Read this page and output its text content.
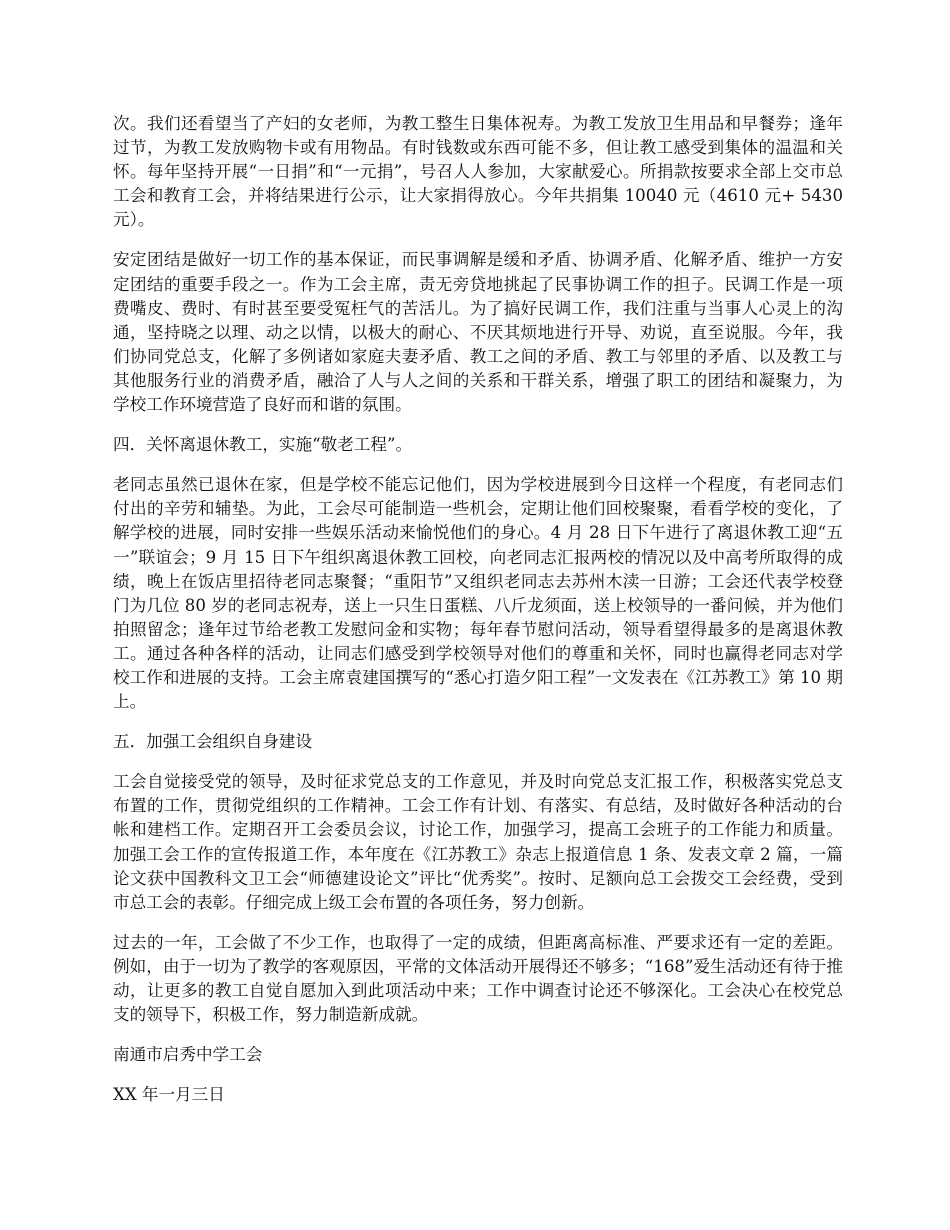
次。我们还看望当了产妇的女老师，为教工整生日集体祝寿。为教工发放卫生用品和早餐券；逢年过节，为教工发放购物卡或有用物品。有时钱数或东西可能不多，但让教工感受到集体的温温和关怀。每年坚持开展“一日捐”和“一元捐”，号召人人参加，大家献爱心。所捐款按要求全部上交市总工会和教育工会，并将结果进行公示，让大家捐得放心。今年共捐集 10040 元（4610 元+ 5430 元）。

安定团结是做好一切工作的基本保证，而民事调解是缓和矛盾、协调矛盾、化解矛盾、维护一方安定团结的重要手段之一。作为工会主席，责无旁贷地挑起了民事协调工作的担子。民调工作是一项费嘴皮、费时、有时甚至要受冤枉气的苦活儿。为了搞好民调工作，我们注重与当事人心灵上的沟通，坚持晓之以理、动之以情，以极大的耐心、不厌其烦地进行开导、劝说，直至说服。今年，我们协同党总支，化解了多例诸如家庭夫妻矛盾、教工之间的矛盾、教工与邻里的矛盾、以及教工与其他服务行业的消费矛盾，融洽了人与人之间的关系和干群关系，增强了职工的团结和凝聚力，为学校工作环境营造了良好而和谐的氛围。

四．关怀离退休教工，实施“敬老工程”。

老同志虽然已退休在家，但是学校不能忘记他们，因为学校进展到今日这样一个程度，有老同志们付出的辛劳和辅垫。为此，工会尽可能制造一些机会，定期让他们回校聚聚，看看学校的变化，了解学校的进展，同时安排一些娱乐活动来愉悦他们的身心。4 月 28 日下午进行了离退休教工迎“五一”联谊会；9 月 15 日下午组织离退休教工回校，向老同志汇报两校的情况以及中高考所取得的成绩，晚上在饭店里招待老同志聚餐；“重阳节”又组织老同志去苏州木渎一日游；工会还代表学校登门为几位 80 岁的老同志祝寿，送上一只生日蛋糕、八斤龙须面，送上校领导的一番问候，并为他们拍照留念；逢年过节给老教工发慰问金和实物；每年春节慰问活动，领导看望得最多的是离退休教工。通过各种各样的活动，让同志们感受到学校领导对他们的尊重和关怀，同时也赢得老同志对学校工作和进展的支持。工会主席袁建国撰写的“悉心打造夕阳工程”一文发表在《江苏教工》第 10 期上。

五．加强工会组织自身建设

工会自觉接受党的领导，及时征求党总支的工作意见，并及时向党总支汇报工作，积极落实党总支布置的工作，贯彻党组织的工作精神。工会工作有计划、有落实、有总结，及时做好各种活动的台帐和建档工作。定期召开工会委员会议，讨论工作，加强学习，提高工会班子的工作能力和质量。加强工会工作的宣传报道工作，本年度在《江苏教工》杂志上报道信息 1 条、发表文章 2 篇，一篇论文获中国教科文卫工会“师德建设论文”评比“优秀奖”。按时、足额向总工会拨交工会经费，受到市总工会的表彰。仔细完成上级工会布置的各项任务，努力创新。

过去的一年，工会做了不少工作，也取得了一定的成绩，但距离高标准、严要求还有一定的差距。例如，由于一切为了教学的客观原因，平常的文体活动开展得还不够多；“168”爱生活动还有待于推动，让更多的教工自觉自愿加入到此项活动中来；工作中调查讨论还不够深化。工会决心在校党总支的领导下，积极工作，努力制造新成就。

南通市启秀中学工会

XX 年一月三日
